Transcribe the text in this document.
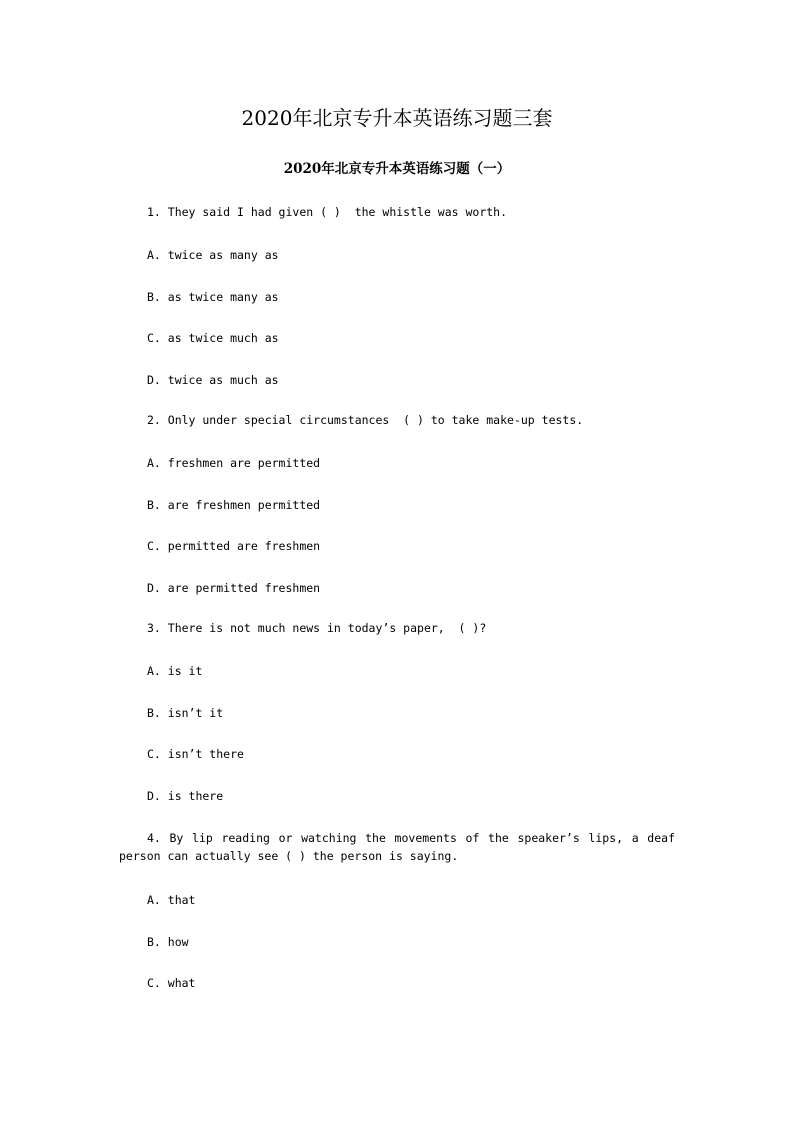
2020年北京专升本英语练习题三套
2020年北京专升本英语练习题（一）
1. They said I had given ( )  the whistle was worth.
A. twice as many as
B. as twice many as
C. as twice much as
D. twice as much as
2. Only under special circumstances  ( ) to take make-up tests.
A. freshmen are permitted
B. are freshmen permitted
C. permitted are freshmen
D. are permitted freshmen
3. There is not much news in today’s paper,  ( )?
A. is it
B. isn’t it
C. isn’t there
D. is there
4. By lip reading or watching the movements of the speaker’s lips, a deaf person can actually see ( ) the person is saying.
A. that
B. how
C. what
